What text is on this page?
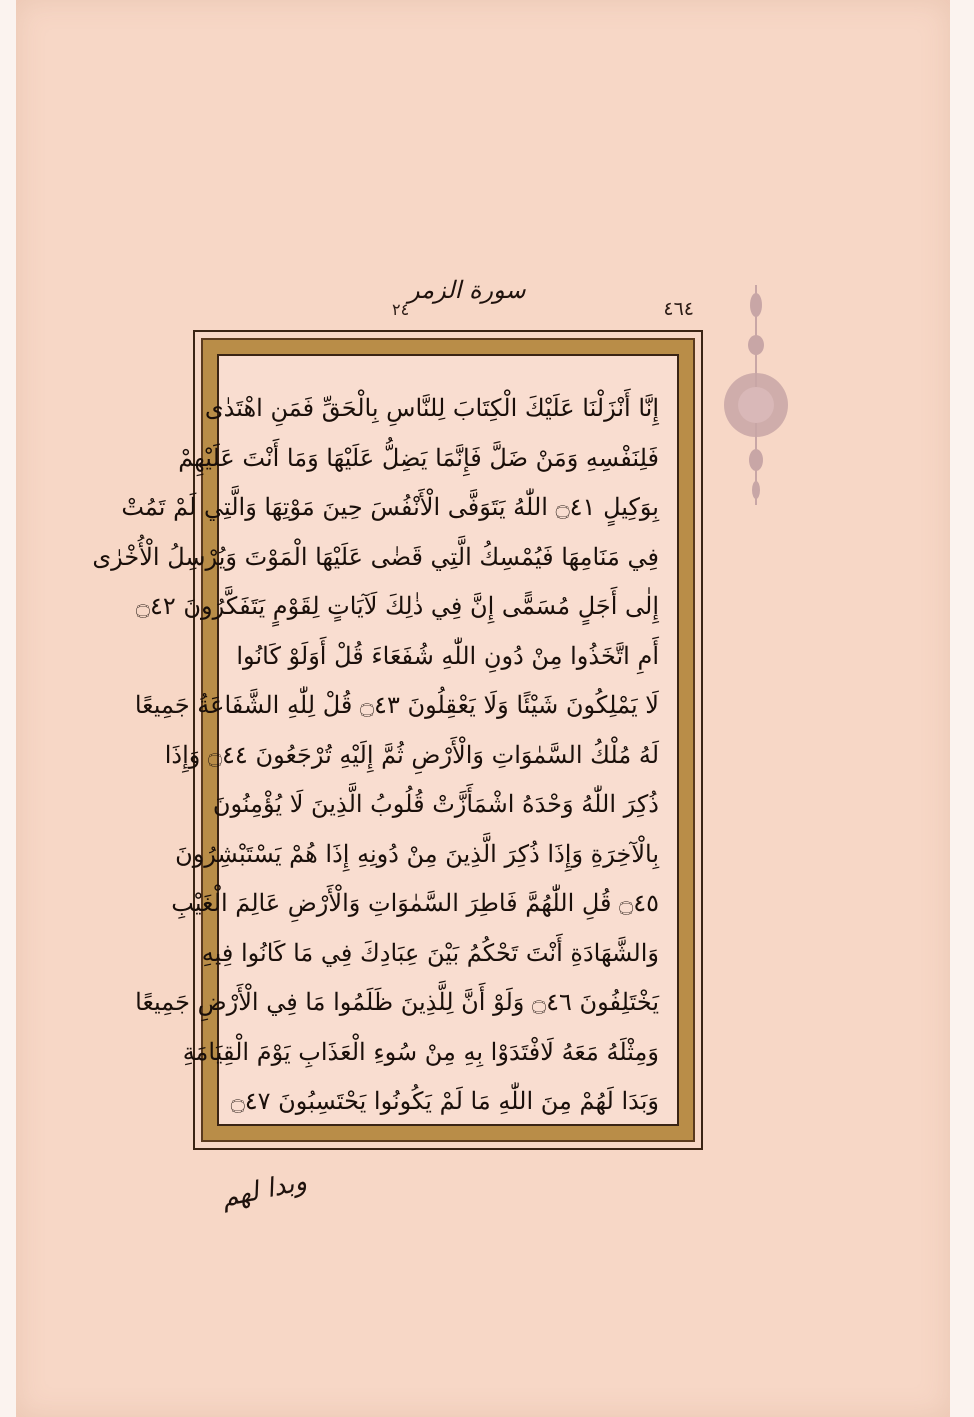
سورة الزمر
٢٤	٤٦٤
إِنَّا أَنْزَلْنَا عَلَيْكَ الْكِتَابَ لِلنَّاسِ بِالْحَقِّ فَمَنِ اهْتَدٰى
فَلِنَفْسِهِ وَمَنْ ضَلَّ فَإِنَّمَا يَضِلُّ عَلَيْهَا وَمَا أَنْتَ عَلَيْهِمْ
بِوَكِيلٍ ۝٤١ اللّٰهُ يَتَوَفَّى الْأَنْفُسَ حِينَ مَوْتِهَا وَالَّتِي لَمْ تَمُتْ
فِي مَنَامِهَا فَيُمْسِكُ الَّتِي قَضٰى عَلَيْهَا الْمَوْتَ وَيُرْسِلُ الْأُخْرٰى
إِلٰى أَجَلٍ مُسَمًّى إِنَّ فِي ذٰلِكَ لَآيَاتٍ لِقَوْمٍ يَتَفَكَّرُونَ ۝٤٢
أَمِ اتَّخَذُوا مِنْ دُونِ اللّٰهِ شُفَعَاءَ قُلْ أَوَلَوْ كَانُوا
لَا يَمْلِكُونَ شَيْئًا وَلَا يَعْقِلُونَ ۝٤٣ قُلْ لِلّٰهِ الشَّفَاعَةُ جَمِيعًا
لَهُ مُلْكُ السَّمٰوَاتِ وَالْأَرْضِ ثُمَّ إِلَيْهِ تُرْجَعُونَ ۝٤٤ وَإِذَا
ذُكِرَ اللّٰهُ وَحْدَهُ اشْمَأَزَّتْ قُلُوبُ الَّذِينَ لَا يُؤْمِنُونَ
بِالْآخِرَةِ وَإِذَا ذُكِرَ الَّذِينَ مِنْ دُونِهِ إِذَا هُمْ يَسْتَبْشِرُونَ
۝٤٥ قُلِ اللّٰهُمَّ فَاطِرَ السَّمٰوَاتِ وَالْأَرْضِ عَالِمَ الْغَيْبِ
وَالشَّهَادَةِ أَنْتَ تَحْكُمُ بَيْنَ عِبَادِكَ فِي مَا كَانُوا فِيهِ
يَخْتَلِفُونَ ۝٤٦ وَلَوْ أَنَّ لِلَّذِينَ ظَلَمُوا مَا فِي الْأَرْضِ جَمِيعًا
وَمِثْلَهُ مَعَهُ لَافْتَدَوْا بِهِ مِنْ سُوءِ الْعَذَابِ يَوْمَ الْقِيَامَةِ
وَبَدَا لَهُمْ مِنَ اللّٰهِ مَا لَمْ يَكُونُوا يَحْتَسِبُونَ ۝٤٧
وبدا لهم
